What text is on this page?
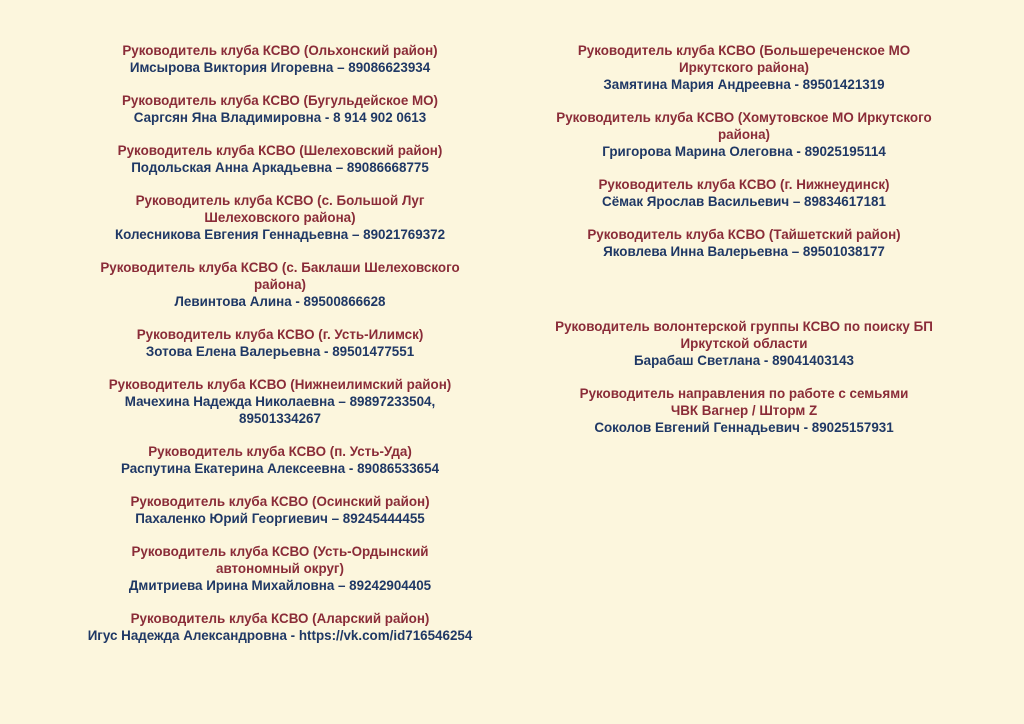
Руководитель клуба КСВО (Ольхонский район)
Имсырова Виктория Игоревна – 89086623934
Руководитель клуба КСВО (Бугульдейское МО)
Саргсян Яна Владимировна - 8 914 902 0613
Руководитель клуба КСВО (Шелеховский район)
Подольская Анна Аркадьевна – 89086668775
Руководитель клуба КСВО (с. Большой Луг
Шелеховского района)
Колесникова Евгения Геннадьевна – 89021769372
Руководитель клуба КСВО (с. Баклаши Шелеховского
района)
Левинтова Алина - 89500866628
Руководитель клуба КСВО (г. Усть-Илимск)
Зотова Елена Валерьевна - 89501477551
Руководитель клуба КСВО (Нижнеилимский район)
Мачехина Надежда Николаевна – 89897233504,
89501334267
Руководитель клуба КСВО (п. Усть-Уда)
Распутина Екатерина Алексеевна - 89086533654
Руководитель клуба КСВО (Осинский район)
Пахаленко Юрий Георгиевич – 89245444455
Руководитель клуба КСВО (Усть-Ордынский
автономный округ)
Дмитриева Ирина Михайловна – 89242904405
Руководитель клуба КСВО (Аларский район)
Игус Надежда Александровна - https://vk.com/id716546254
Руководитель клуба КСВО (Большереченское МО
Иркутского района)
Замятина Мария Андреевна - 89501421319
Руководитель клуба КСВО (Хомутовское МО Иркутского
района)
Григорова Марина Олеговна - 89025195114
Руководитель клуба КСВО (г. Нижнеудинск)
Сёмак Ярослав Васильевич – 89834617181
Руководитель клуба КСВО (Тайшетский район)
Яковлева Инна Валерьевна – 89501038177
Руководитель волонтерской группы КСВО по поиску БП
Иркутской области
Барабаш Светлана - 89041403143
Руководитель направления по работе с семьями
ЧВК Вагнер / Шторм Z
Соколов Евгений Геннадьевич - 89025157931
